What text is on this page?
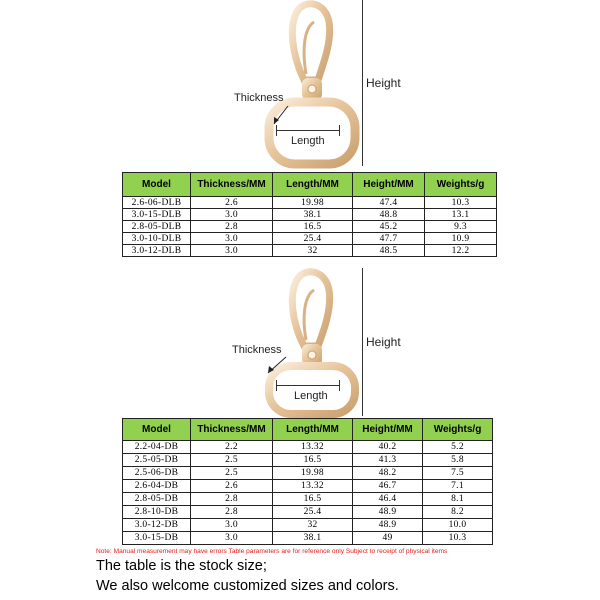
Thickness
Length
Height
Model	Thickness/MM	Length/MM	Height/MM	Weights/g
2.6-06-DLB	2.6	19.98	47.4	10.3
3.0-15-DLB	3.0	38.1	48.8	13.1
2.8-05-DLB	2.8	16.5	45.2	9.3
3.0-10-DLB	3.0	25.4	47.7	10.9
3.0-12-DLB	3.0	32	48.5	12.2
Thickness
Length
Height
Model	Thickness/MM	Length/MM	Height/MM	Weights/g
2.2-04-DB	2.2	13.32	40.2	5.2
2.5-05-DB	2.5	16.5	41.3	5.8
2.5-06-DB	2.5	19.98	48.2	7.5
2.6-04-DB	2.6	13.32	46.7	7.1
2.8-05-DB	2.8	16.5	46.4	8.1
2.8-10-DB	2.8	25.4	48.9	8.2
3.0-12-DB	3.0	32	48.9	10.0
3.0-15-DB	3.0	38.1	49	10.3
Note: Manual measurement may have errors Table parameters are for reference only Subject to receipt of physical items
The table is the stock size;
We also welcome customized sizes and colors.
